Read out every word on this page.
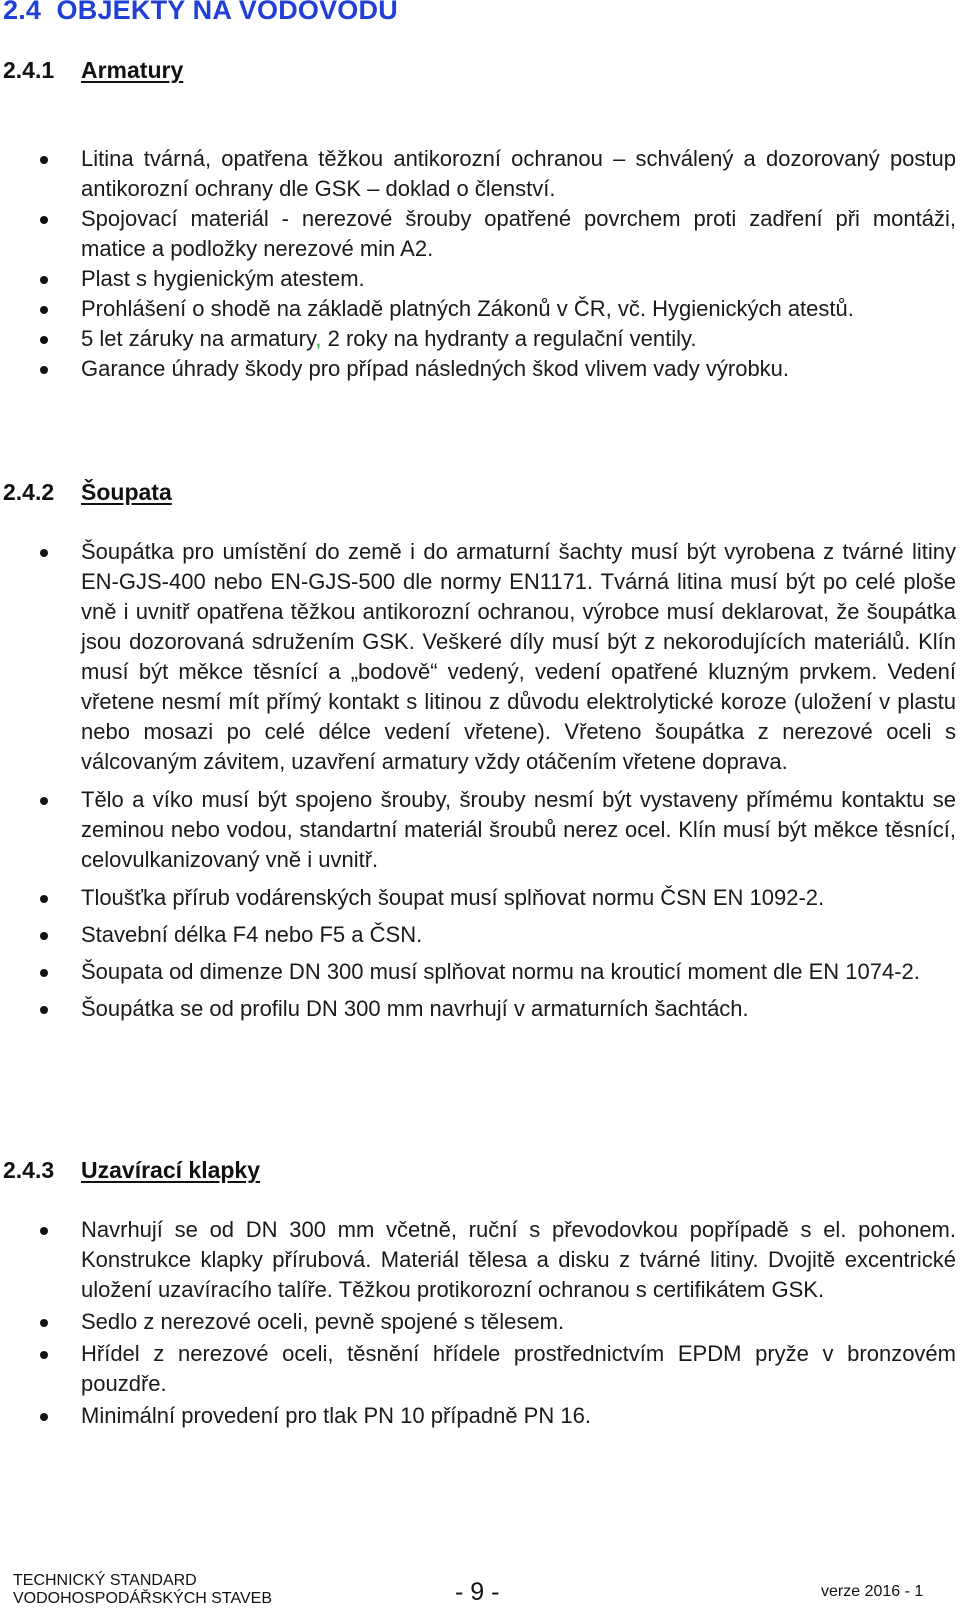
2.4 OBJEKTY NA VODOVODU
2.4.1 Armatury
Litina tvárná, opatřena těžkou antikorozní ochranou – schválený a dozorovaný postup antikorozní ochrany dle GSK – doklad o členství.
Spojovací materiál - nerezové šrouby opatřené povrchem proti zadření při montáži, matice a podložky nerezové min A2.
Plast s hygienickým atestem.
Prohlášení o shodě na základě platných Zákonů v ČR, vč. Hygienických atestů.
5 let záruky na armatury, 2 roky na hydranty a regulační ventily.
Garance úhrady škody pro případ následných škod vlivem vady výrobku.
2.4.2 Šoupata
Šoupátka pro umístění do země i do armaturní šachty musí být vyrobena z tvárné litiny EN-GJS-400 nebo EN-GJS-500 dle normy EN1171. Tvárná litina musí být po celé ploše vně i uvnitř opatřena těžkou antikorozní ochranou, výrobce musí deklarovat, že šoupátka jsou dozorovaná sdružením GSK. Veškeré díly musí být z nekorodujících materiálů. Klín musí být měkce těsnící a „bodově“ vedený, vedení opatřené kluzným prvkem. Vedení vřetene nesmí mít přímý kontakt s litinou z důvodu elektrolytické koroze (uložení v plastu nebo mosazi po celé délce vedení vřetene). Vřeteno šoupátka z nerezové oceli s válcovaným závitem, uzavření armatury vždy otáčením vřetene doprava.
Tělo a víko musí být spojeno šrouby, šrouby nesmí být vystaveny přímému kontaktu se zeminou nebo vodou, standartní materiál šroubů nerez ocel. Klín musí být měkce těsnící, celovulkanizovaný vně i uvnitř.
Tloušťka přírub vodárenských šoupat musí splňovat normu ČSN EN 1092-2.
Stavební délka F4 nebo F5 a ČSN.
Šoupata od dimenze DN 300 musí splňovat normu na krouticí moment dle EN 1074-2.
Šoupátka se od profilu DN 300 mm navrhují v armaturních šachtách.
2.4.3 Uzavírací klapky
Navrhují se od DN 300 mm včetně, ruční s převodovkou popřípadě s el. pohonem. Konstrukce klapky přírubová. Materiál tělesa a disku z tvárné litiny. Dvojitě excentrické uložení uzavíracího talíře. Těžkou protikorozní ochranou s certifikátem GSK.
Sedlo z nerezové oceli, pevně spojené s tělesem.
Hřídel z nerezové oceli, těsnění hřídele prostřednictvím EPDM pryže v bronzovém pouzdře.
Minimální provedení pro tlak PN 10 případně PN 16.
TECHNICKÝ STANDARD
VODOHOSPODÁŘSKÝCH STAVEB	- 9 -	verze 2016 - 1
